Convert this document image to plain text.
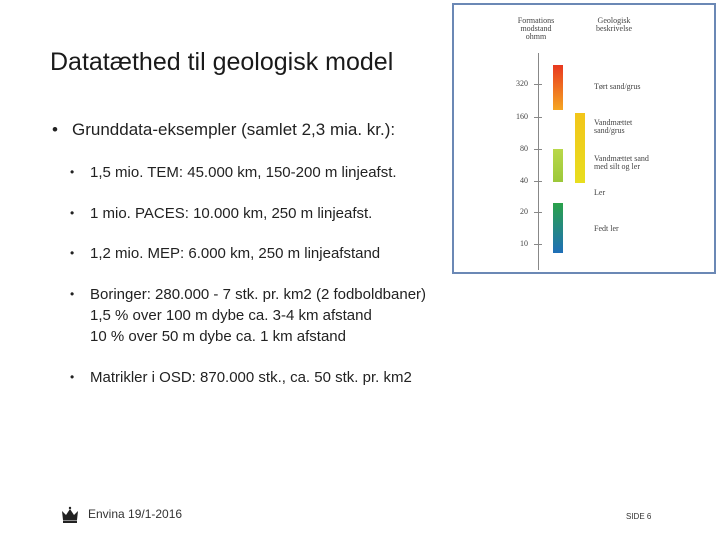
Datatæthed til geologisk model
• Grunddata-eksempler (samlet 2,3 mia. kr.):
• 1,5 mio. TEM: 45.000 km, 150-200 m linjeafst.
• 1 mio. PACES: 10.000 km, 250 m linjeafst.
• 1,2 mio. MEP: 6.000 km, 250 m linjeafstand
• Boringer: 280.000 - 7 stk. pr. km2 (2 fodboldbaner)
1,5 % over 100 m dybe ca. 3-4 km afstand
10 % over 50 m dybe ca. 1 km afstand
• Matrikler i OSD: 870.000 stk., ca. 50 stk. pr. km2
Formations
modstand
ohmm
Geologisk
beskrivelse
320
160
80
40
20
10
Tørt sand/grus
Vandmættet
sand/grus
Vandmættet sand
med silt og ler
Ler
Fedt ler
Envina 19/1-2016	SIDE 6
